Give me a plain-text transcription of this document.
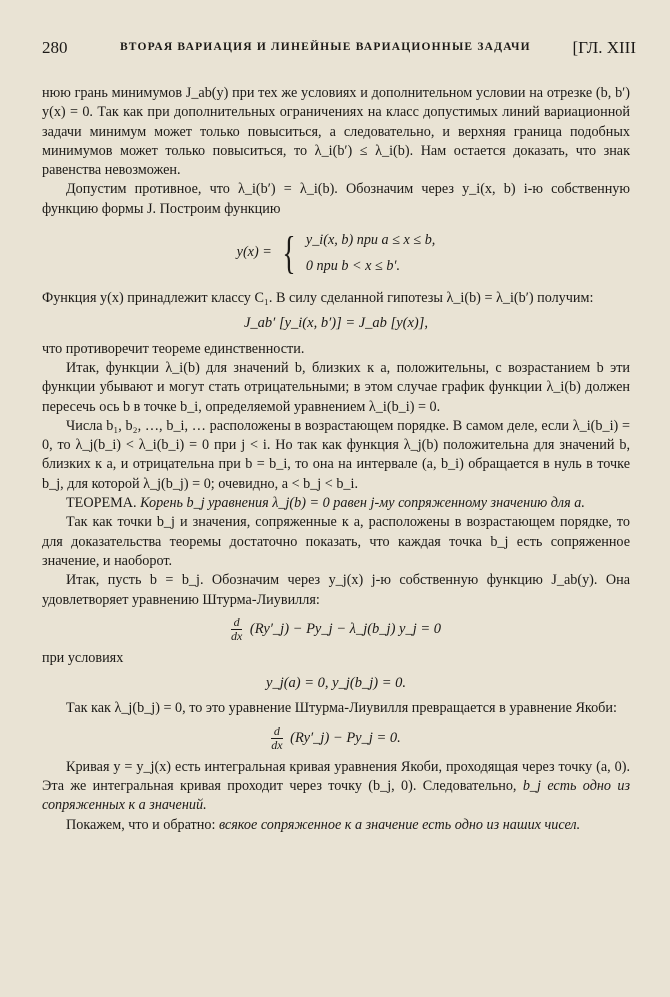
280	ВТОРАЯ ВАРИАЦИЯ И ЛИНЕЙНЫЕ ВАРИАЦИОННЫЕ ЗАДАЧИ [ГЛ. XIII

нюю грань минимумов J_ab(y) при тех же условиях и дополнительном условии на отрезке (b, b′) y(x) = 0. Так как при дополнительных ограничениях на класс допустимых линий вариационной задачи минимум может только повыситься, а следовательно, и верхняя граница подобных минимумов может только повыситься, то λ_i(b′) ≤ λ_i(b). Нам остается доказать, что знак равенства невозможен.

Допустим противное, что λ_i(b′) = λ_i(b). Обозначим через y_i(x, b) i-ю собственную функцию формы J. Построим функцию

y(x) = { y_i(x, b) при a ≤ x ≤ b,
0 при b < x ≤ b′.

Функция y(x) принадлежит классу C₁. В силу сделанной гипотезы λ_i(b) = λ_i(b′) получим:

J_ab′ [y_i(x, b′)] = J_ab [y(x)],

что противоречит теореме единственности.

Итак, функции λ_i(b) для значений b, близких к a, положительны, с возрастанием b эти функции убывают и могут стать отрицательными; в этом случае график функции λ_i(b) должен пересечь ось b в точке b_i, определяемой уравнением λ_i(b_i) = 0.

Числа b₁, b₂, …, b_i, … расположены в возрастающем порядке. В самом деле, если λ_i(b_i) = 0, то λ_j(b_i) < λ_i(b_i) = 0 при j < i. Но так как функция λ_j(b) положительна для значений b, близких к a, и отрицательна при b = b_i, то она на интервале (a, b_i) обращается в нуль в точке b_j, для которой λ_j(b_j) = 0; очевидно, a < b_j < b_i.

ТЕОРЕМА. Корень b_j уравнения λ_j(b) = 0 равен j-му сопряженному значению для a.

Так как точки b_j и значения, сопряженные к a, расположены в возрастающем порядке, то для доказательства теоремы достаточно показать, что каждая точка b_j есть сопряженное значение, и наоборот.

Итак, пусть b = b_j. Обозначим через y_j(x) j-ю собственную функцию J_ab(y). Она удовлетворяет уравнению Штурма-Лиувилля:

$\frac{d}{dx}$ (Ry′_j) − Py_j − λ_j(b_j) y_j = 0

при условиях

y_j(a) = 0, y_j(b_j) = 0.

Так как λ_j(b_j) = 0, то это уравнение Штурма-Лиувилля превращается в уравнение Якоби:

$\frac{d}{dx}$ (Ry′_j) − Py_j = 0.

Кривая y = y_j(x) есть интегральная кривая уравнения Якоби, проходящая через точку (a, 0). Эта же интегральная кривая проходит через точку (b_j, 0). Следовательно, b_j есть одно из сопряженных к a значений.

Покажем, что и обратно: всякое сопряженное к a значение есть одно из наших чисел.
